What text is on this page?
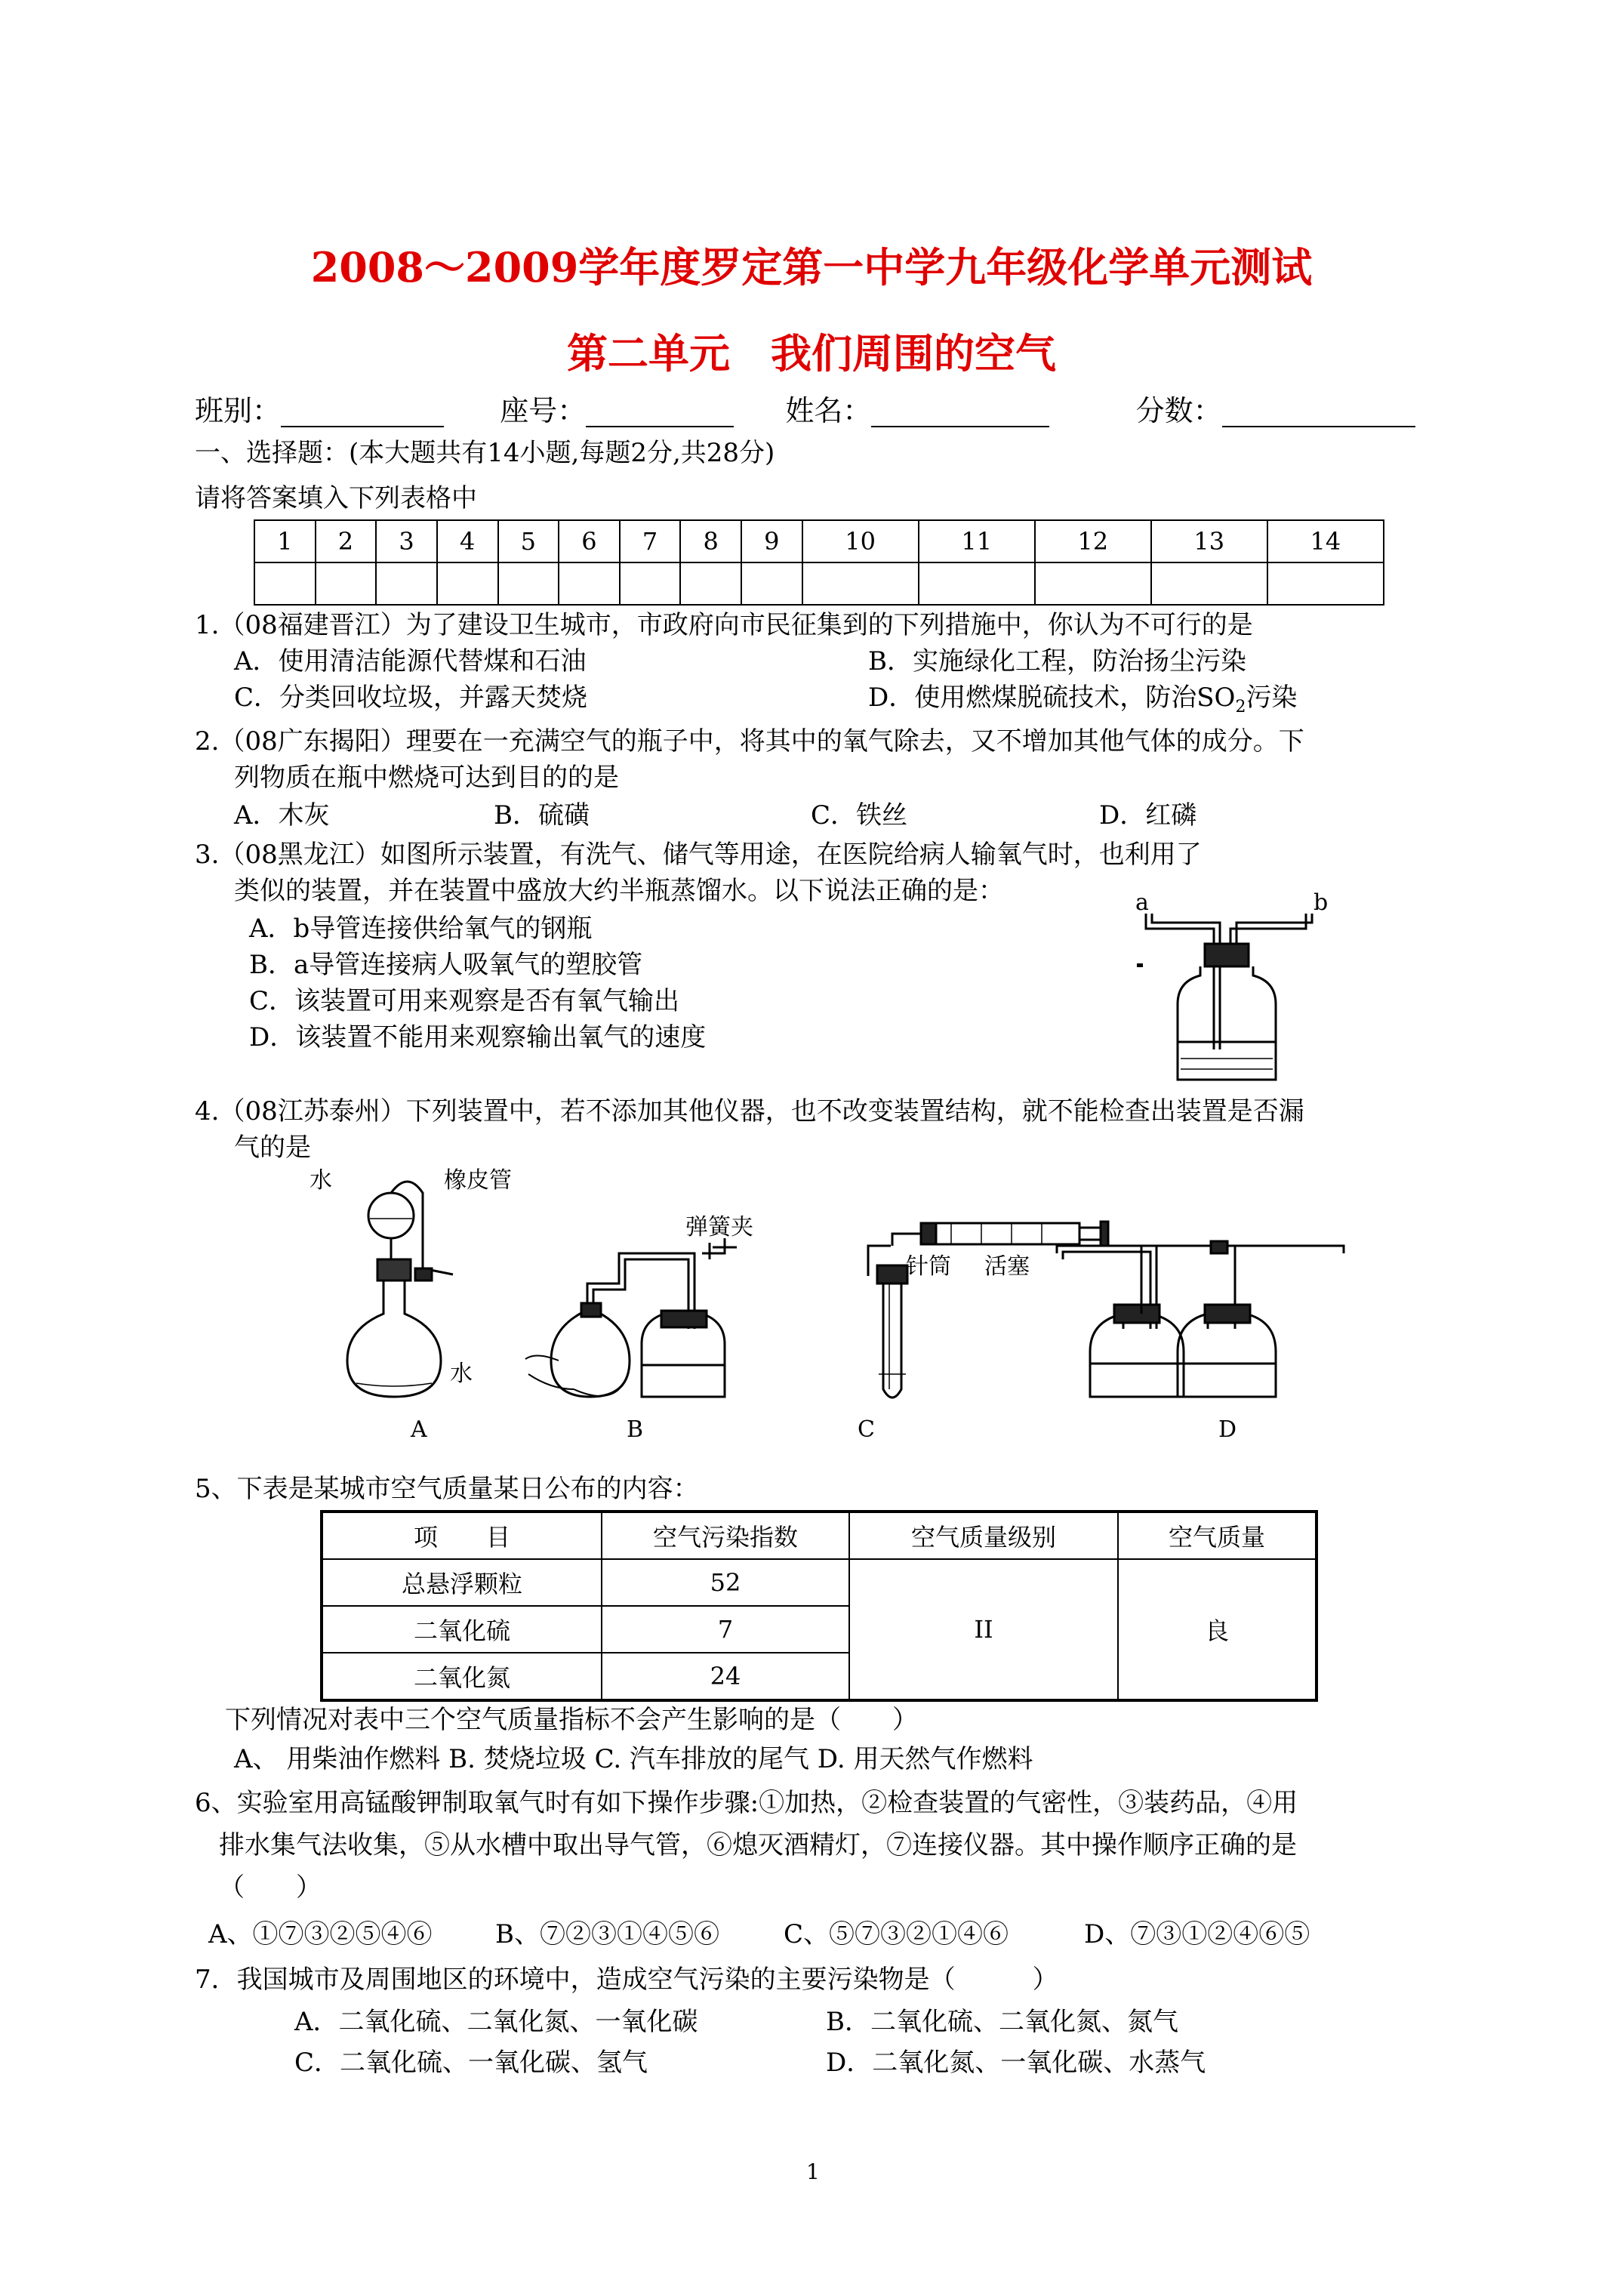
2008～2009学年度罗定第一中学九年级化学单元测试
第二单元　我们周围的空气
班别：	座号：	姓名：	分数：
一、选择题：(本大题共有14小题,每题2分,共28分)
请将答案填入下列表格中
1	2	3	4	5	6	7	8	9	10	11	12	13	14

1.（08福建晋江）为了建设卫生城市，市政府向市民征集到的下列措施中，你认为不可行的是
A．使用清洁能源代替煤和石油	B．实施绿化工程，防治扬尘污染
C．分类回收垃圾，并露天焚烧	D．使用燃煤脱硫技术，防治$SO_2$污染
2.（08广东揭阳）理要在一充满空气的瓶子中，将其中的氧气除去，又不增加其他气体的成分。下
列物质在瓶中燃烧可达到目的的是
A．木灰	B．硫磺	C．铁丝	D．红磷
3.（08黑龙江）如图所示装置，有洗气、储气等用途，在医院给病人输氧气时，也利用了
类似的装置，并在装置中盛放大约半瓶蒸馏水。以下说法正确的是：
A．b导管连接供给氧气的钢瓶
B．a导管连接病人吸氧气的塑胶管
C．该装置可用来观察是否有氧气输出
D．该装置不能用来观察输出氧气的速度
a	b
4.（08江苏泰州）下列装置中，若不添加其他仪器，也不改变装置结构，就不能检查出装置是否漏
气的是
水	橡皮管
水
弹簧夹
针筒 活塞
A	B	C	D
5、下表是某城市空气质量某日公布的内容：
项　　目	空气污染指数	空气质量级别	空气质量
总悬浮颗粒	52	II	良
二氧化硫	7		
二氧化氮	24		
下列情况对表中三个空气质量指标不会产生影响的是（　　）
A、 用柴油作燃料 B. 焚烧垃圾 C. 汽车排放的尾气 D. 用天然气作燃料
6、实验室用高锰酸钾制取氧气时有如下操作步骤:①加热，②检查装置的气密性，③装药品，④用
排水集气法收集，⑤从水槽中取出导气管，⑥熄灭酒精灯，⑦连接仪器。其中操作顺序正确的是
（　　）
A、①⑦③②⑤④⑥ B、⑦②③①④⑤⑥	C、⑤⑦③②①④⑥	D、⑦③①②④⑥⑤
7．我国城市及周围地区的环境中，造成空气污染的主要污染物是（　　　）
A．二氧化硫、二氧化氮、一氧化碳	B．二氧化硫、二氧化氮、氮气
C．二氧化硫、一氧化碳、氢气	D．二氧化氮、一氧化碳、水蒸气
1
